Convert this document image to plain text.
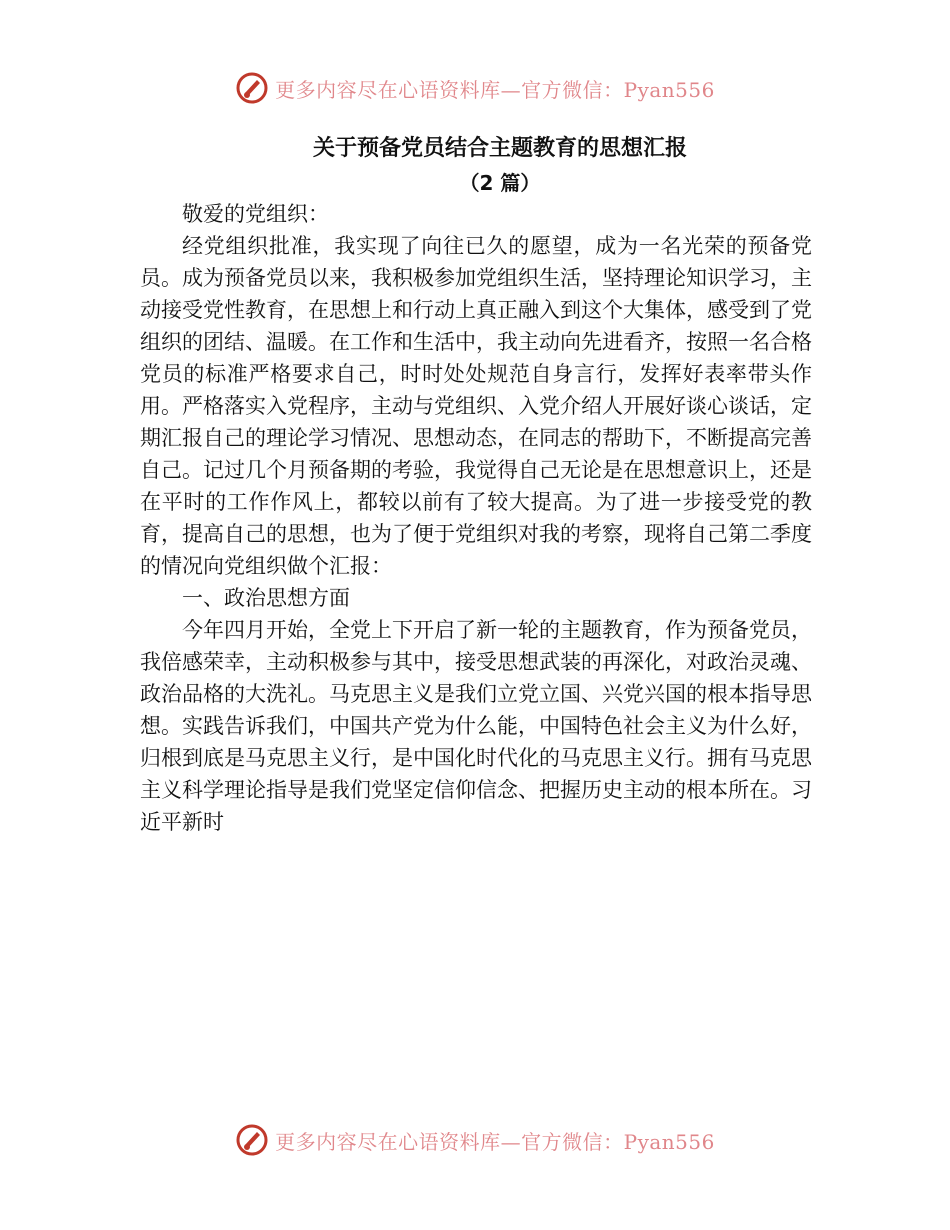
更多内容尽在心语资料库—官方微信：Pyan556
关于预备党员结合主题教育的思想汇报
（2 篇）

敬爱的党组织：

经党组织批准，我实现了向往已久的愿望，成为一名光荣的预备党员。成为预备党员以来，我积极参加党组织生活，坚持理论知识学习，主动接受党性教育，在思想上和行动上真正融入到这个大集体，感受到了党组织的团结、温暖。在工作和生活中，我主动向先进看齐，按照一名合格党员的标准严格要求自己，时时处处规范自身言行，发挥好表率带头作用。严格落实入党程序，主动与党组织、入党介绍人开展好谈心谈话，定期汇报自己的理论学习情况、思想动态，在同志的帮助下，不断提高完善自己。记过几个月预备期的考验，我觉得自己无论是在思想意识上，还是在平时的工作作风上，都较以前有了较大提高。为了进一步接受党的教育，提高自己的思想，也为了便于党组织对我的考察，现将自己第二季度的情况向党组织做个汇报：

一、政治思想方面

今年四月开始，全党上下开启了新一轮的主题教育，作为预备党员，我倍感荣幸，主动积极参与其中，接受思想武装的再深化，对政治灵魂、政治品格的大洗礼。马克思主义是我们立党立国、兴党兴国的根本指导思想。实践告诉我们，中国共产党为什么能，中国特色社会主义为什么好，归根到底是马克思主义行，是中国化时代化的马克思主义行。拥有马克思主义科学理论指导是我们党坚定信仰信念、把握历史主动的根本所在。习近平新时

更多内容尽在心语资料库—官方微信：Pyan556
